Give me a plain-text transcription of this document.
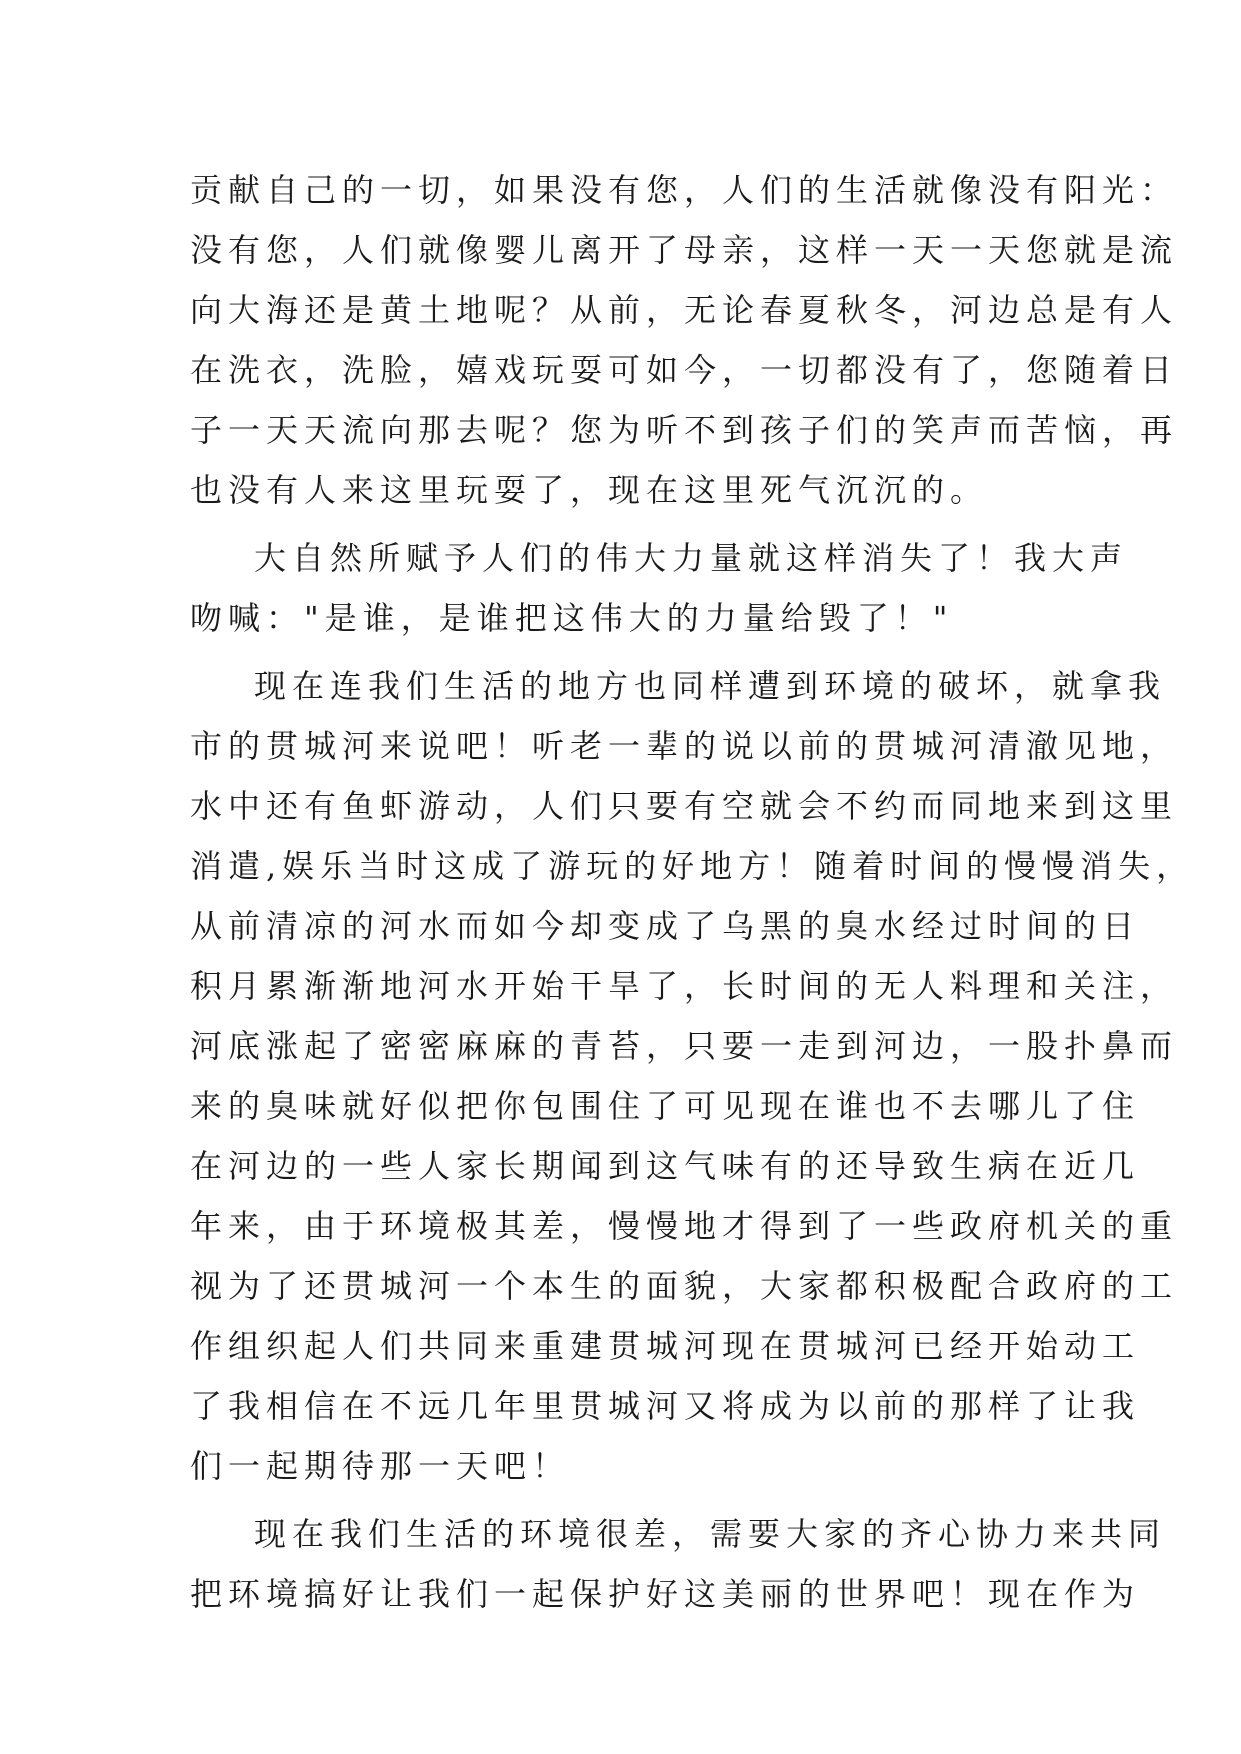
贡献自己的一切，如果没有您，人们的生活就像没有阳光：
没有您，人们就像婴儿离开了母亲，这样一天一天您就是流
向大海还是黄土地呢？从前，无论春夏秋冬，河边总是有人
在洗衣，洗脸，嬉戏玩耍可如今，一切都没有了，您随着日
子一天天流向那去呢？您为听不到孩子们的笑声而苦恼，再
也没有人来这里玩耍了，现在这里死气沉沉的。
大自然所赋予人们的伟大力量就这样消失了！我大声
吻喊："是谁，是谁把这伟大的力量给毁了！"
现在连我们生活的地方也同样遭到环境的破坏，就拿我
市的贯城河来说吧！听老一辈的说以前的贯城河清澈见地，
水中还有鱼虾游动，人们只要有空就会不约而同地来到这里
消遣,娱乐当时这成了游玩的好地方！随着时间的慢慢消失，
从前清凉的河水而如今却变成了乌黑的臭水经过时间的日
积月累渐渐地河水开始干旱了，长时间的无人料理和关注，
河底涨起了密密麻麻的青苔，只要一走到河边，一股扑鼻而
来的臭味就好似把你包围住了可见现在谁也不去哪儿了住
在河边的一些人家长期闻到这气味有的还导致生病在近几
年来，由于环境极其差，慢慢地才得到了一些政府机关的重
视为了还贯城河一个本生的面貌，大家都积极配合政府的工
作组织起人们共同来重建贯城河现在贯城河已经开始动工
了我相信在不远几年里贯城河又将成为以前的那样了让我
们一起期待那一天吧！
现在我们生活的环境很差，需要大家的齐心协力来共同
把环境搞好让我们一起保护好这美丽的世界吧！现在作为
